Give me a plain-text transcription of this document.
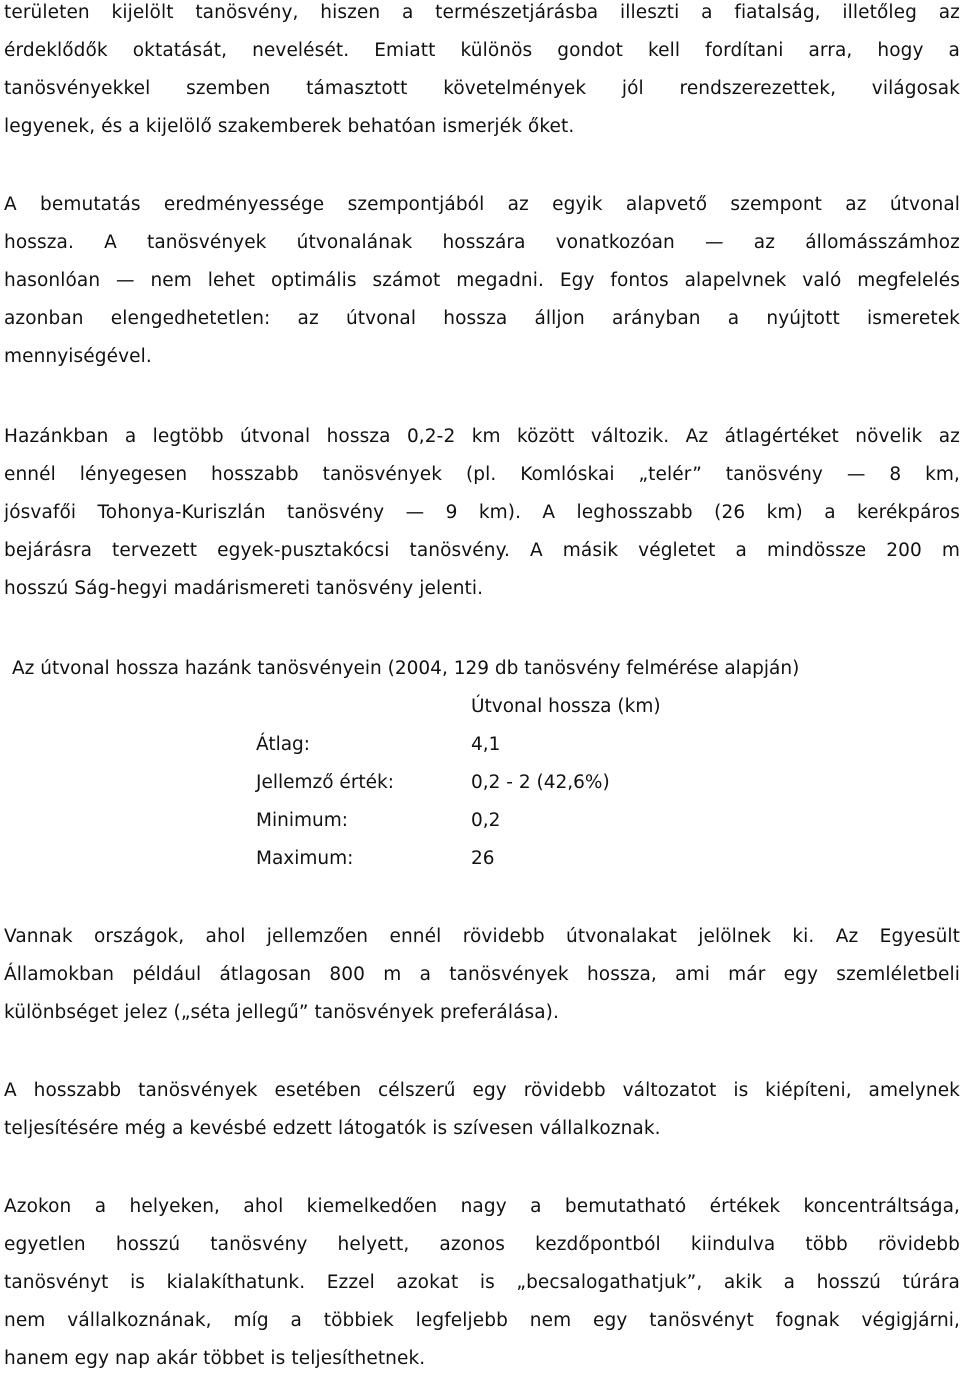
területen kijelölt tanösvény, hiszen a természetjárásba illeszti a fiatalság, illetőleg az
érdeklődők oktatását, nevelését. Emiatt különös gondot kell fordítani arra, hogy a
tanösvényekkel szemben támasztott követelmények jól rendszerezettek, világosak
legyenek, és a kijelölő szakemberek behatóan ismerjék őket.
A bemutatás eredményessége szempontjából az egyik alapvető szempont az útvonal
hossza. A tanösvények útvonalának hosszára vonatkozóan — az állomásszámhoz
hasonlóan — nem lehet optimális számot megadni. Egy fontos alapelvnek való megfelelés
azonban elengedhetetlen: az útvonal hossza álljon arányban a nyújtott ismeretek
mennyiségével.
Hazánkban a legtöbb útvonal hossza 0,2-2 km között változik. Az átlagértéket növelik az
ennél lényegesen hosszabb tanösvények (pl. Komlóskai „telér” tanösvény — 8 km,
jósvafői Tohonya-Kuriszlán tanösvény — 9 km). A leghosszabb (26 km) a kerékpáros
bejárásra tervezett egyek-pusztakócsi tanösvény. A másik végletet a mindössze 200 m
hosszú Ság-hegyi madárismereti tanösvény jelenti.
Az útvonal hossza hazánk tanösvényein (2004, 129 db tanösvény felmérése alapján)
Útvonal hossza (km)
Átlag:	4,1
Jellemző érték:	0,2 - 2 (42,6%)
Minimum:	0,2
Maximum:	26
Vannak országok, ahol jellemzően ennél rövidebb útvonalakat jelölnek ki. Az Egyesült
Államokban például átlagosan 800 m a tanösvények hossza, ami már egy szemléletbeli
különbséget jelez („séta jellegű” tanösvények preferálása).
A hosszabb tanösvények esetében célszerű egy rövidebb változatot is kiépíteni, amelynek
teljesítésére még a kevésbé edzett látogatók is szívesen vállalkoznak.
Azokon a helyeken, ahol kiemelkedően nagy a bemutatható értékek koncentráltsága,
egyetlen hosszú tanösvény helyett, azonos kezdőpontból kiindulva több rövidebb
tanösvényt is kialakíthatunk. Ezzel azokat is „becsalogathatjuk”, akik a hosszú túrára
nem vállalkoznának, míg a többiek legfeljebb nem egy tanösvényt fognak végigjárni,
hanem egy nap akár többet is teljesíthetnek.
